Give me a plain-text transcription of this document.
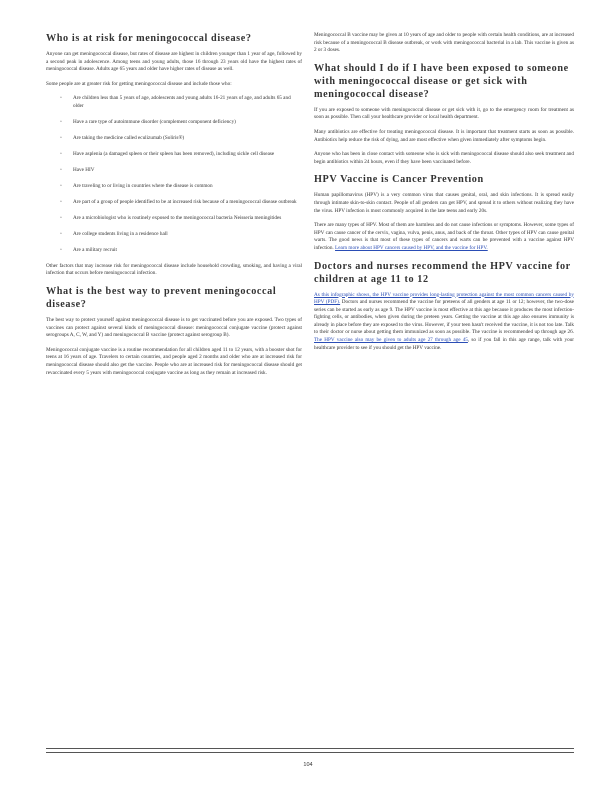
Who is at risk for meningococcal disease?

Anyone can get meningococcal disease, but rates of disease are highest in children younger than 1 year of age, followed by a second peak in adolescence. Among teens and young adults, those 16 through 23 years old have the highest rates of meningococcal disease. Adults age 65 years and older have higher rates of disease as well.

Some people are at greater risk for getting meningococcal disease and include those who:

▫ Are children less than 5 years of age, adolescents and young adults 16-21 years of age, and adults 65 and older
▫ Have a rare type of autoimmune disorder (complement component deficiency)
▫ Are taking the medicine called eculizumab (Soliris®)
▫ Have asplenia (a damaged spleen or their spleen has been removed), including sickle cell disease
▫ Have HIV
▫ Are traveling to or living in countries where the disease is common
▫ Are part of a group of people identified to be at increased risk because of a meningococcal disease outbreak
▫ Are a microbiologist who is routinely exposed to the meningococcal bacteria Neisseria meningitides
▫ Are college students living in a residence hall
▫ Are a military recruit

Other factors that may increase risk for meningococcal disease include household crowding, smoking, and having a viral infection that occurs before meningococcal infection.

What is the best way to prevent meningococcal disease?

The best way to protect yourself against meningococcal disease is to get vaccinated before you are exposed. Two types of vaccines can protect against several kinds of meningococcal disease: meningococcal conjugate vaccine (protect against serogroups A, C, W, and Y) and meningococcal B vaccine (protect against serogroup B).

Meningococcal conjugate vaccine is a routine recommendation for all children aged 11 to 12 years, with a booster shot for teens at 16 years of age. Travelers to certain countries, and people aged 2 months and older who are at increased risk for meningococcal disease should also get the vaccine. People who are at increased risk for meningococcal disease should get revaccinated every 5 years with meningococcal conjugate vaccine as long as they remain at increased risk.

Meningococcal B vaccine may be given at 10 years of age and older to people with certain health conditions, are at increased risk because of a meningococcal B disease outbreak, or work with meningococcal bacterial in a lab. This vaccine is given as 2 or 3 doses.

What should I do if I have been exposed to someone with meningococcal disease or get sick with meningococcal disease?

If you are exposed to someone with meningococcal disease or get sick with it, go to the emergency room for treatment as soon as possible. Then call your healthcare provider or local health department.

Many antibiotics are effective for treating meningococcal disease. It is important that treatment starts as soon as possible. Antibiotics help reduce the risk of dying, and are most effective when given immediately after symptoms begin.

Anyone who has been in close contact with someone who is sick with meningococcal disease should also seek treatment and begin antibiotics within 24 hours, even if they have been vaccinated before.

HPV Vaccine is Cancer Prevention

Human papillomavirus (HPV) is a very common virus that causes genital, oral, and skin infections. It is spread easily through intimate skin-to-skin contact. People of all genders can get HPV, and spread it to others without realizing they have the virus. HPV infection is most commonly acquired in the late teens and early 20s.

There are many types of HPV. Most of them are harmless and do not cause infections or symptoms. However, some types of HPV can cause cancer of the cervix, vagina, vulva, penis, anus, and back of the throat. Other types of HPV can cause genital warts. The good news is that most of these types of cancers and warts can be prevented with a vaccine against HPV infection. Learn more about HPV cancers caused by HPV, and the vaccine for HPV.

Doctors and nurses recommend the HPV vaccine for children at age 11 to 12

As this infographic shows, the HPV vaccine provides long-lasting protection against the most common cancers caused by HPV (PDF). Doctors and nurses recommend the vaccine for preteens of all genders at age 11 or 12; however, the two-dose series can be started as early as age 9. The HPV vaccine is most effective at this age because it produces the most infection-fighting cells, or antibodies, when given during the preteen years. Getting the vaccine at this age also ensures immunity is already in place before they are exposed to the virus. However, if your teen hasn't received the vaccine, it is not too late. Talk to their doctor or nurse about getting them immunized as soon as possible. The vaccine is recommended up through age 26. The HPV vaccine also may be given to adults age 27 through age 45, so if you fall in this age range, talk with your healthcare provider to see if you should get the HPV vaccine.

104
